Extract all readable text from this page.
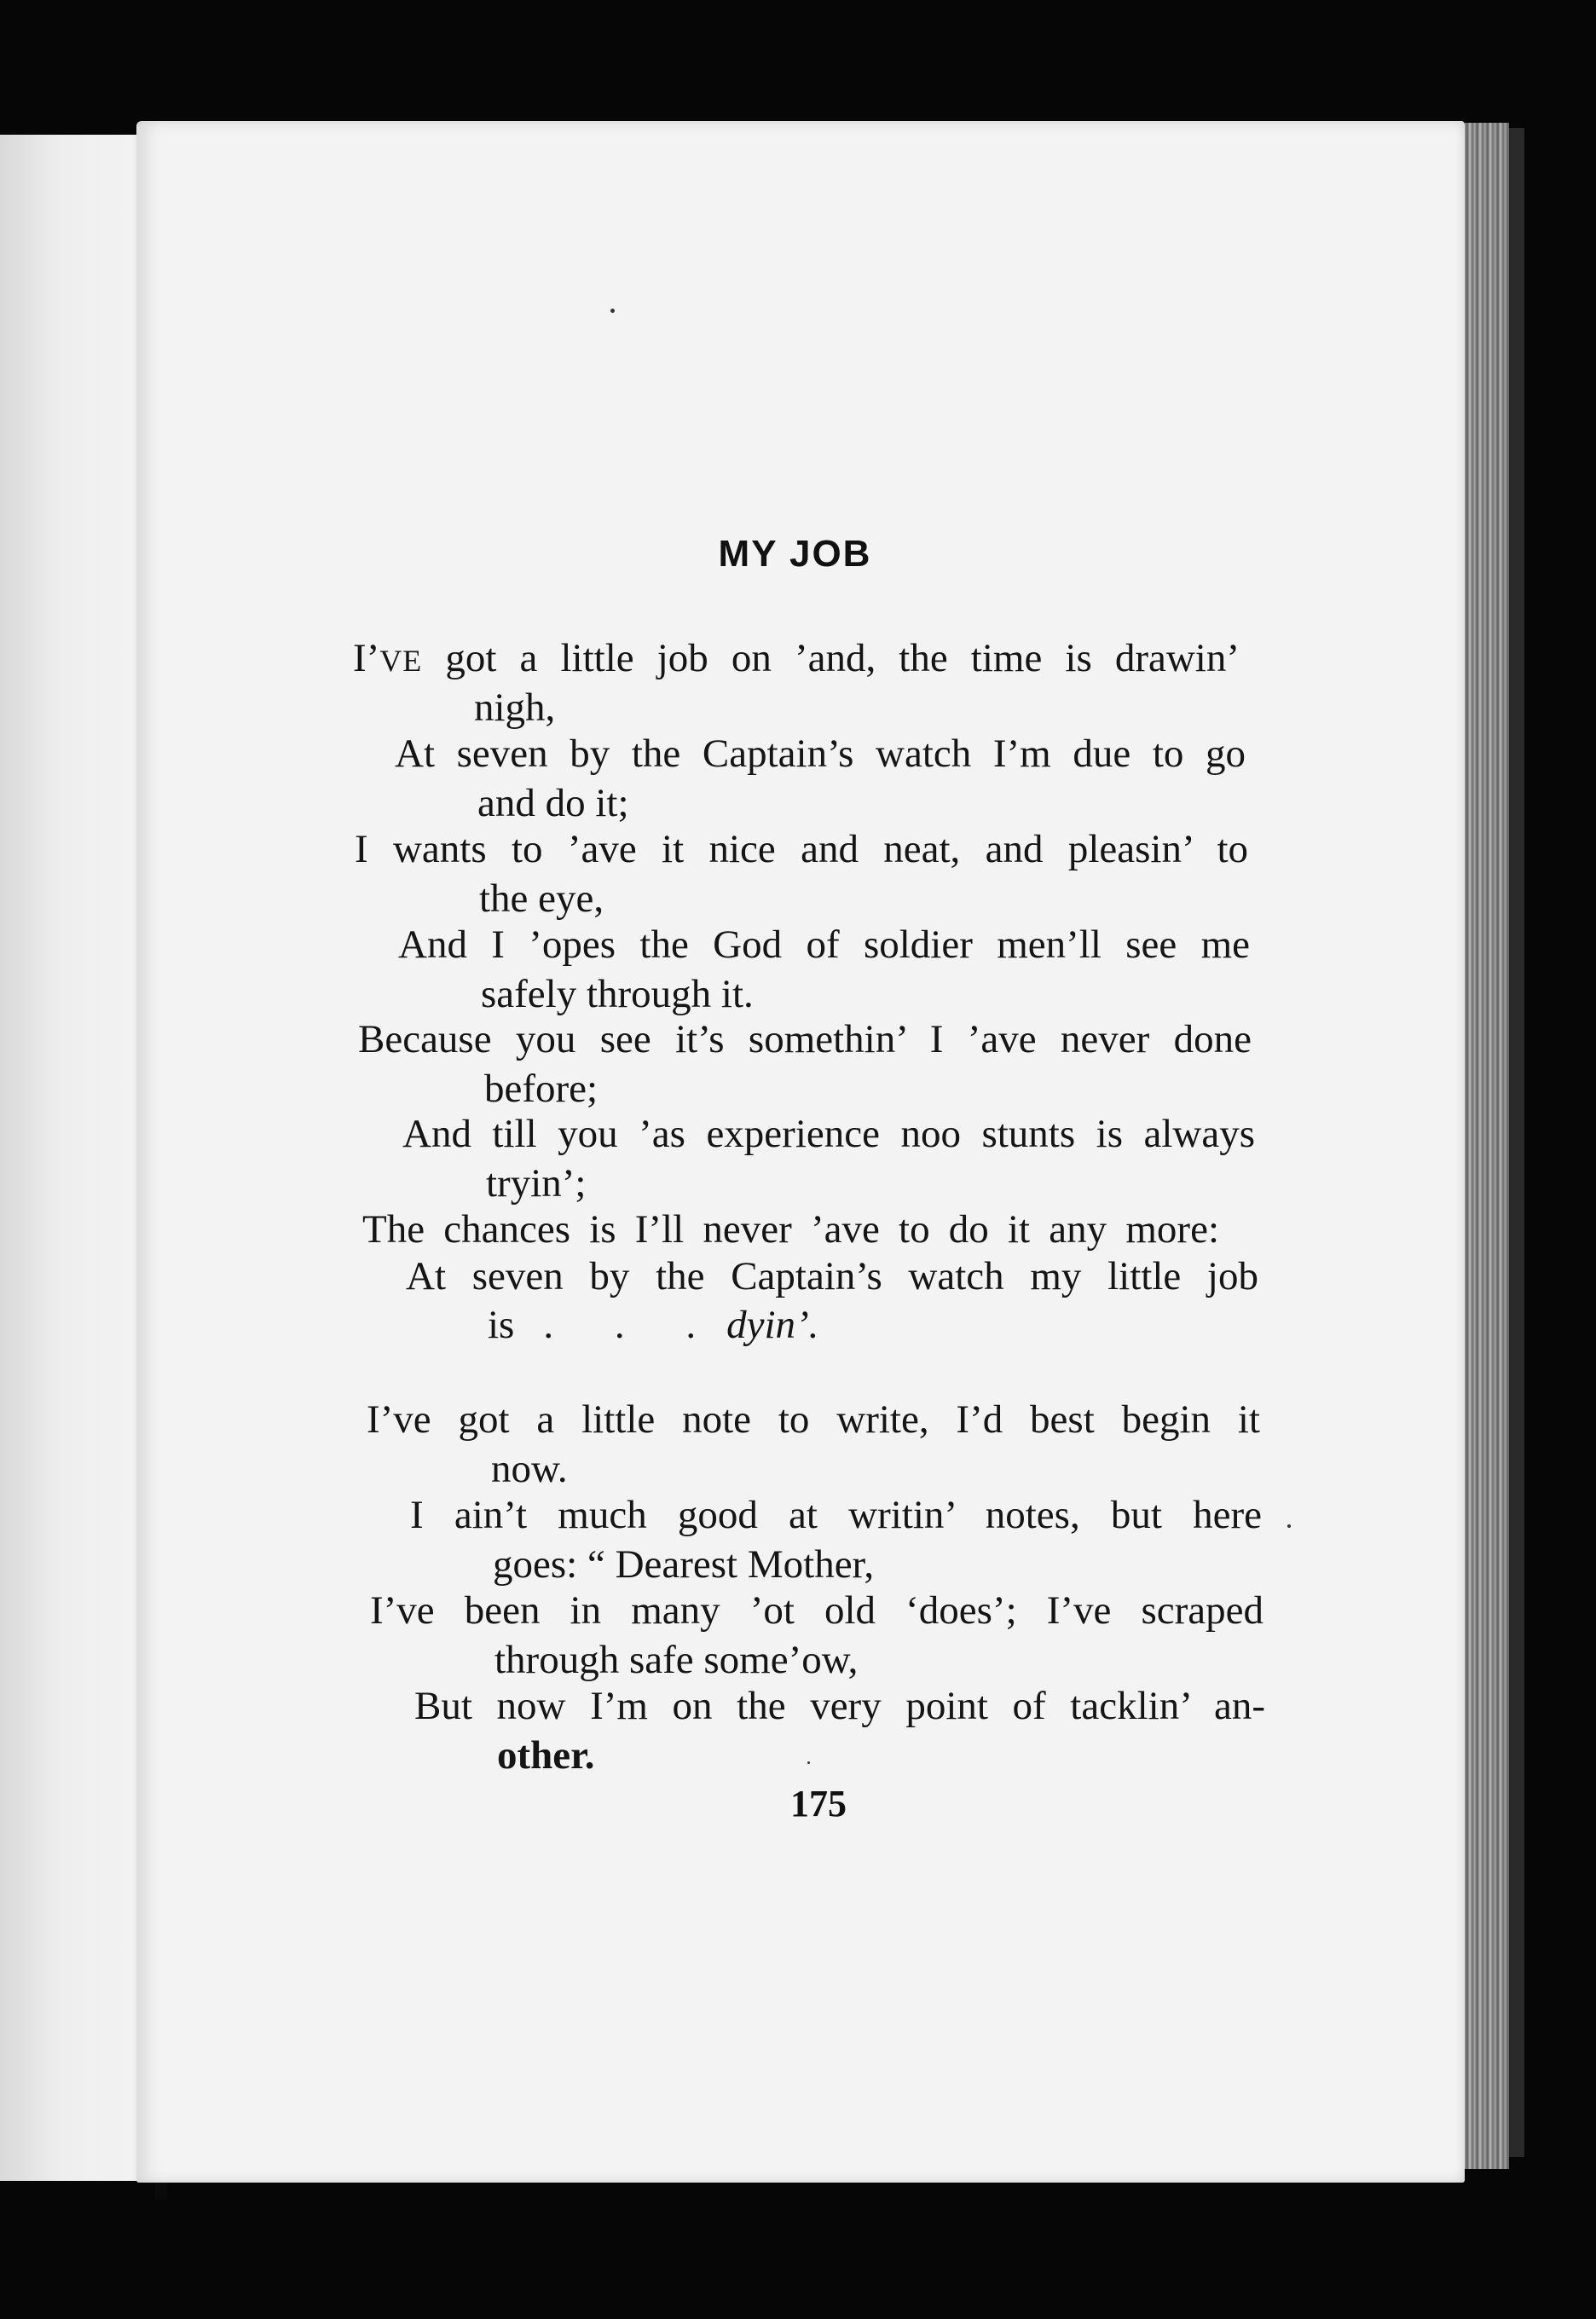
MY JOB
I’VE got a little job on ’and, the time is drawin’
nigh,
At seven by the Captain’s watch I’m due to go
and do it;
I wants to ’ave it nice and neat, and pleasin’ to
the eye,
And I ’opes the God of soldier men’ll see me
safely through it.
Because you see it’s somethin’ I ’ave never done
before;
And till you ’as experience noo stunts is always
tryin’;
The chances is I’ll never ’ave to do it any more:
At seven by the Captain’s watch my little job
is . . . dyin’.
I’ve got a little note to write, I’d best begin it
now.
I ain’t much good at writin’ notes, but here
goes: “ Dearest Mother,
I’ve been in many ’ot old ‘does’; I’ve scraped
through safe some’ow,
But now I’m on the very point of tacklin’ an-
other.
175
